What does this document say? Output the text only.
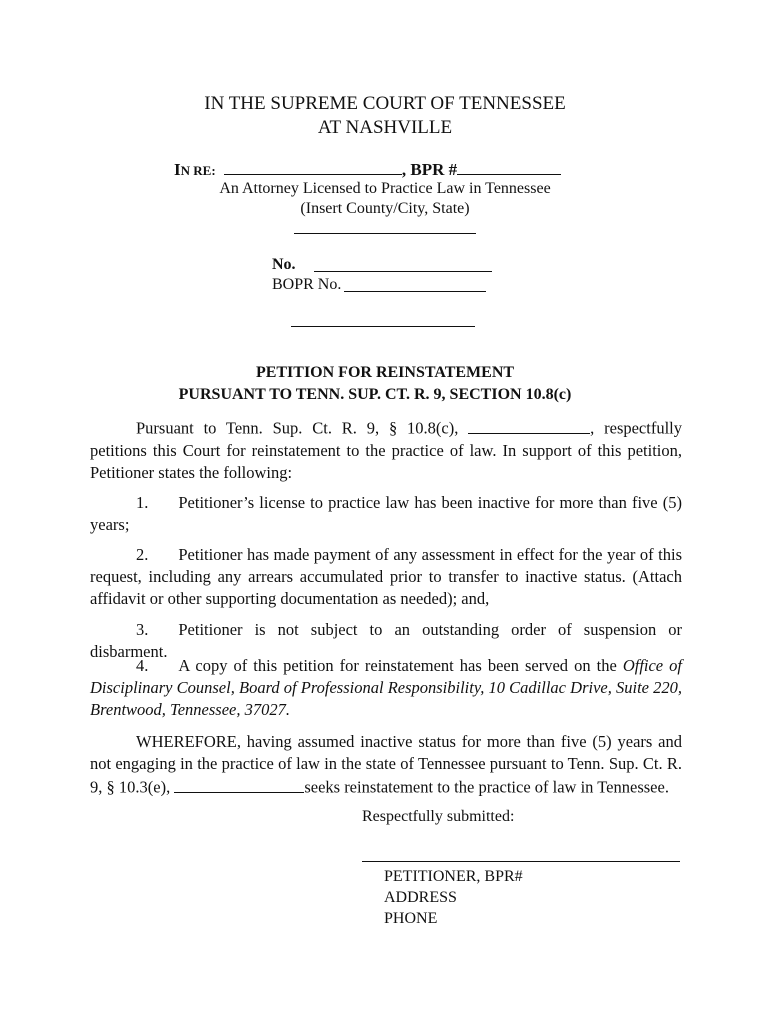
IN THE SUPREME COURT OF TENNESSEE
AT NASHVILLE
IN RE:	, BPR #
An Attorney Licensed to Practice Law in Tennessee
(Insert County/City, State)
No.
BOPR No.
PETITION FOR REINSTATEMENT
PURSUANT TO TENN. SUP. CT. R. 9, SECTION 10.8(c)
Pursuant to Tenn. Sup. Ct. R. 9, § 10.8(c),	, respectfully petitions this Court for reinstatement to the practice of law. In support of this petition, Petitioner states the following:
1. Petitioner’s license to practice law has been inactive for more than five (5) years;
2. Petitioner has made payment of any assessment in effect for the year of this request, including any arrears accumulated prior to transfer to inactive status. (Attach affidavit or other supporting documentation as needed); and,
3. Petitioner is not subject to an outstanding order of suspension or disbarment.
4. A copy of this petition for reinstatement has been served on the Office of Disciplinary Counsel, Board of Professional Responsibility, 10 Cadillac Drive, Suite 220, Brentwood, Tennessee, 37027.
WHEREFORE, having assumed inactive status for more than five (5) years and not engaging in the practice of law in the state of Tennessee pursuant to Tenn. Sup. Ct. R. 9, § 10.3(e),	seeks reinstatement to the practice of law in Tennessee.
Respectfully submitted:
PETITIONER, BPR#
ADDRESS
PHONE
